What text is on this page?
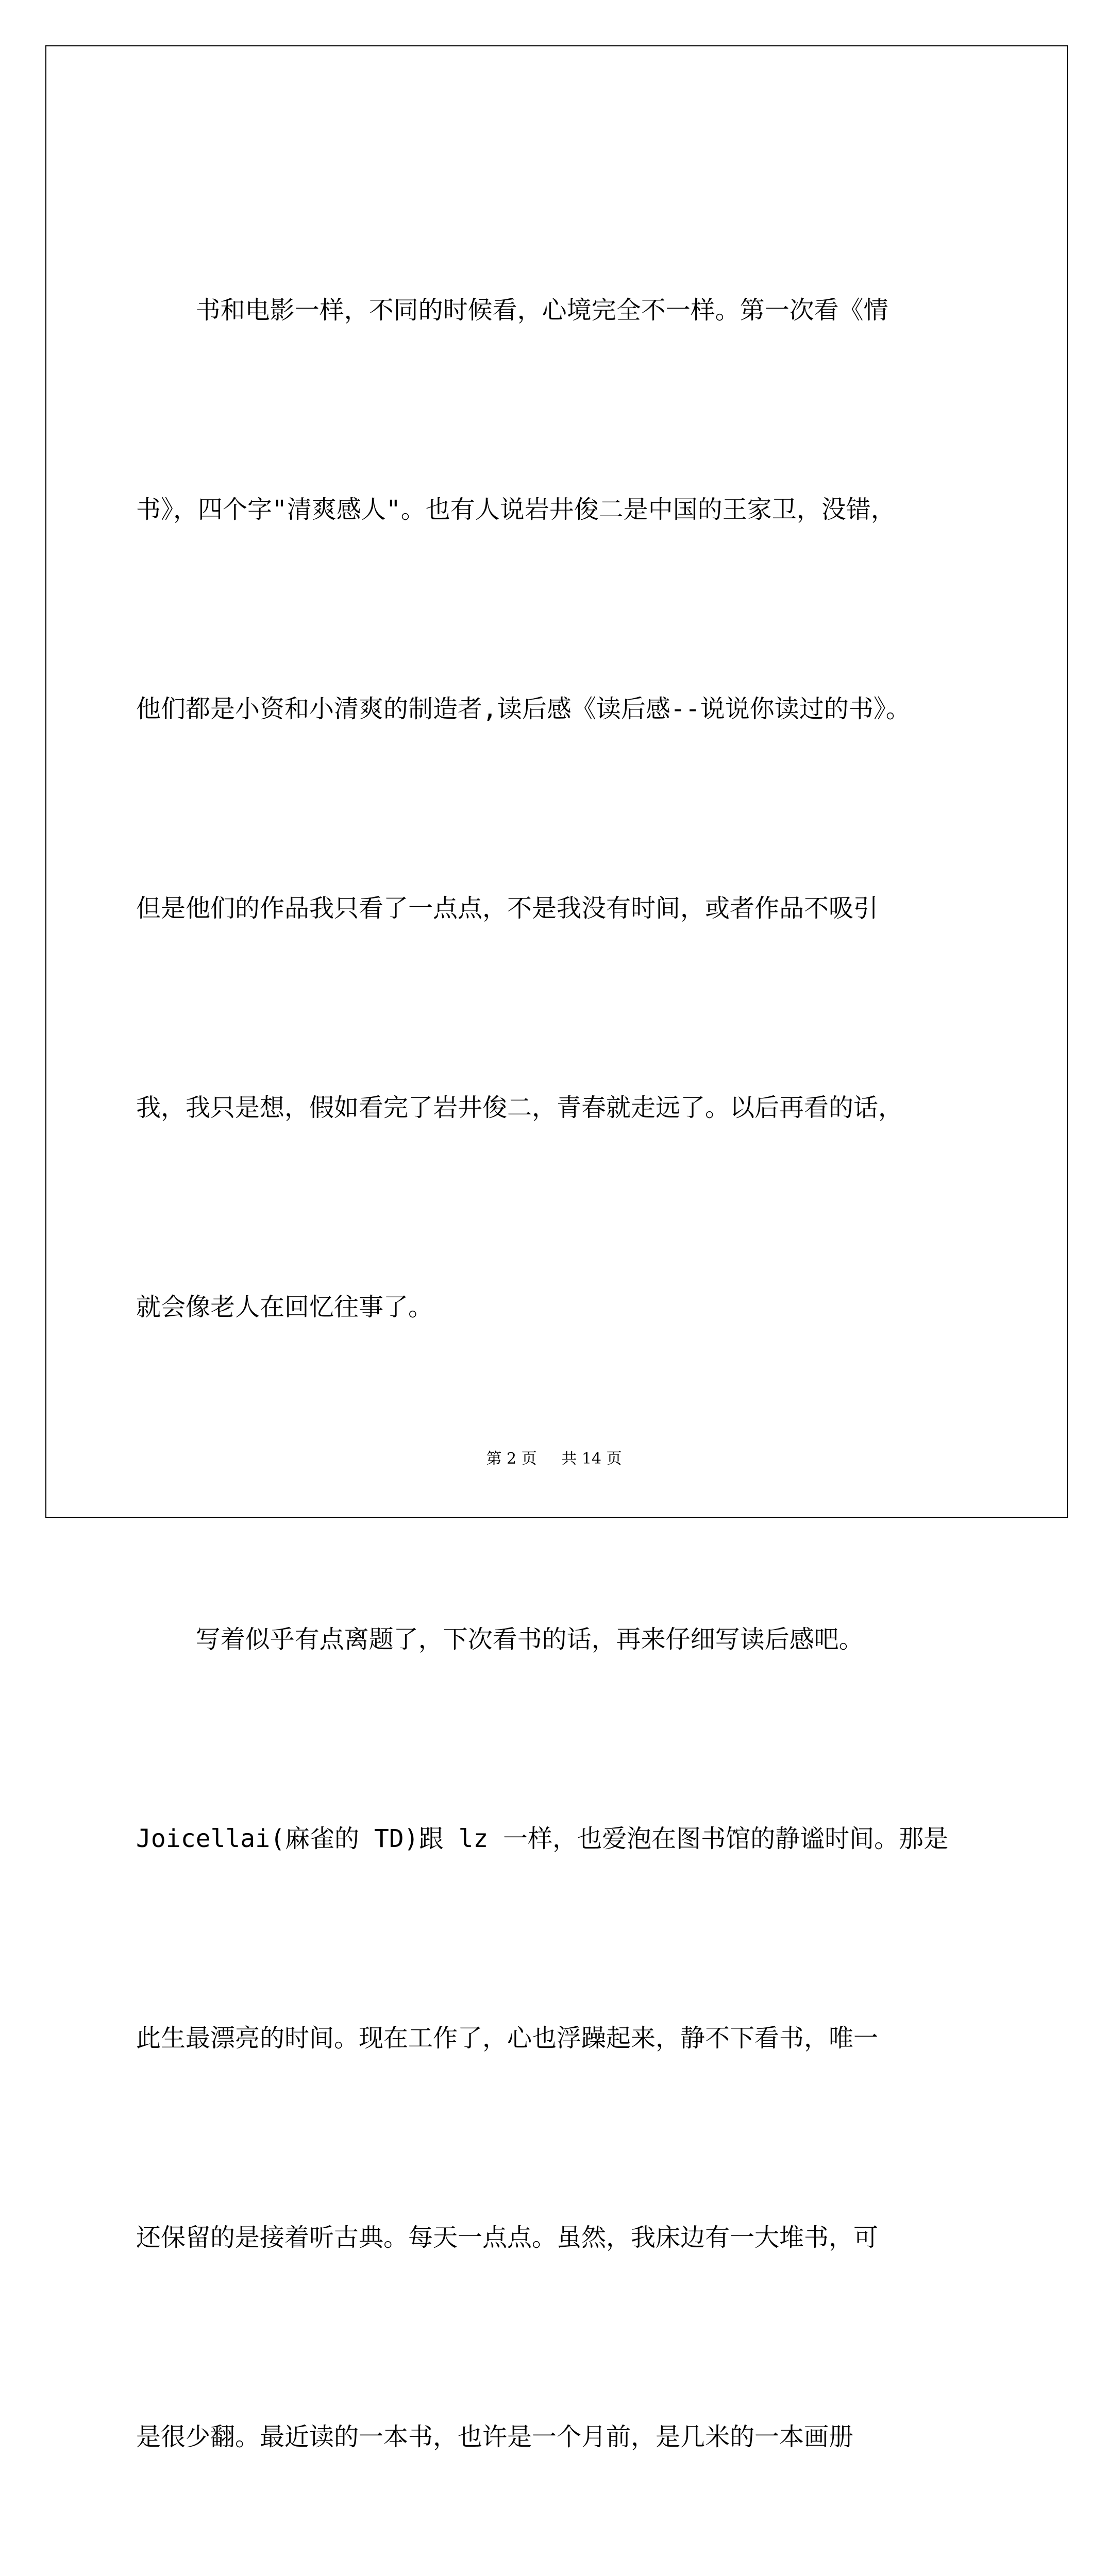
书和电影一样，不同的时候看，心境完全不一样。第一次看《情

书》，四个字"清爽感人"。也有人说岩井俊二是中国的王家卫，没错，

他们都是小资和小清爽的制造者,读后感《读后感--说说你读过的书》。

但是他们的作品我只看了一点点，不是我没有时间，或者作品不吸引

我，我只是想，假如看完了岩井俊二，青春就走远了。以后再看的话，

就会像老人在回忆往事了。

写着似乎有点离题了，下次看书的话，再来仔细写读后感吧。

Joicellai(麻雀的 TD)跟 lz 一样，也爱泡在图书馆的静谧时间。那是

此生最漂亮的时间。现在工作了，心也浮躁起来，静不下看书，唯一

还保留的是接着听古典。每天一点点。虽然，我床边有一大堆书，可

是很少翻。最近读的一本书，也许是一个月前，是几米的一本画册

第 2 页 共 14 页
